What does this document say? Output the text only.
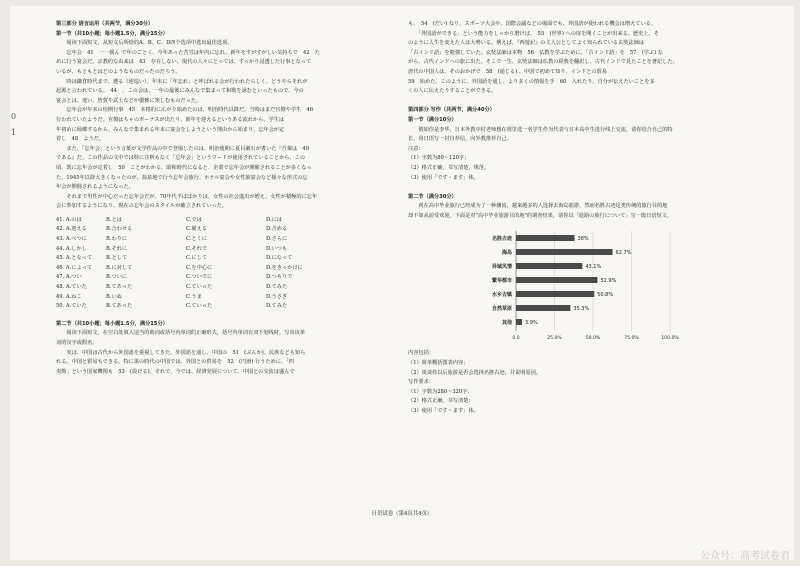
0
1
第三部分 语言运用（共两节，满分30分）
第一节（共10小题；每小题1.5分，满分15分）
　　阅读下面短文，从短文后所给的A、B、C、D四个选项中选出最佳选项。
　　忘年会　41　一一親ん で年のごとく、今年あった苦労は年内に忘れ、新年をすがすがしい気持ちで　42　た
めに行う宴会だ。宗教的な由来は　43　存在しない。現代の人々にとっては、すっかり浸透した行事となって
いるが、もともとはどのようなものだったのだろう。
　　時は鎌倉時代まで、遡る（逆巡い）。年末に「年忘れ」と呼ばれる会が行われたらしく、どうやらそれが
起源と言われている。　44　、この会は、一年の最後にみんなで集まって和歌を詠むといったもので、今の
宴会とは、違い、皆賀や武士などが優雅に楽しむものだった。
　　忘年会が年末の恒例行事　45　本格的に広がり始めたのは、明治時代以降だ。当時はまだ官僚や学生　46
行われていたようだ。官僚はちゃのボーナスが出たり、新年を迎えるというある流れから、学生は
年初めに帰郷するから、みんなで集まれる年末に宴会をしようという理由から始まり、忘年会が定
着し　48　ようだ。
　　また、「忘年会」という言葉が文学作品の中で登場したのは、明治後期に夏目漱石が書いた『吾輩は　49
である』だ。この作品の文中では特に注釈もなく「忘年会」というワードが使用されていることから、この
頃、既に忘年会が定着し　50　ことがわかる。昭和時代になると、企業で忘年会が開催されることが多くなっ
た。1945年以降大きくなったのが、温泉地で行う忘年会旅行、ホテル宴会や女性旅宴会など様々な形式の忘
年会が開催されるようになった。
　　それまで男性が中心だった忘年会だが、70年代半ばばかりは、女性の社会進出が増え、女性が積極的に忘年
会に参加するようになり、現在の忘年会のスタイルが確立されていった。
41. A.のは	B.とは	C.では	D.には
42. A.迎える	B.合わせる	C.備える	D.含める
43. A.べつに	B.わりに	C.とくに	D.さらに
44. A.しかし	B.それに	C.それで	D.いつも
45. A.となって	B.として	C.にして	D.になって
46. A.によって	B.に対して	C.を中心に	D.をきっかけに
47. A.つい	B.ついに	C.ついでに	D.つもりで
48. A.ていた	B.てあった	C.ていった	D.てみた
49. A.ねこ	B.いぬ	C.うま	D.うさぎ
50. A.ていた	B.てあった	C.ていった	D.てみた
第二节（共10小题；每小题1.5分，满分15分）
　　阅读下面短文，在空白处填入适当的助词或括号内单词的正确形式，括号内单词有双下划线时，写出该单
词的汉字或假名。
　　実は、中国は古代から外国語を重視してきた。外国語を通し、中国の　51　(ぶんか)、民族なども知ら
れる。中国と貿易もできる。特に果の時代の中国では、外国との貿易を　52　(円滑) 行うために、「四
夷館」という国家機関も　53　(設ける)。それで、今では、経済発展について、中国との交流は盛んで
も、　54　(だい) なり、スポーツ大会や、国際会議などの場面でも、外国語が使われる機会は増えている。
　　「外国語ができる」という能力をしっかり磨けば、　55　(世界) への扉を開くことが出来る。歴史上、そ
のように人生を変えた人は大勢いる。例えば、『西遊記』の主人公としてよく知られている玄奘法師は
「古インド語」を勉強していた。玄奘法師は本物　56　仏教を学ぶために、「古インド語」を　57　(学ぶ) な
がら、古代インドへの旅に出た。そこで一生、玄奘法師は仏教の経典を翻訳し、古代インドで見たことを著記した。
唐代の中国人は、そのおかげで　58　(通じる) 、中国で初めて知り、インドとの貿易
59　始めた。このように、外国語を通し、より多くの情報を手　60　入れたり、自分が伝えたいことを多
くの人に伝えたりすることができる。
第四部分 写作（共两节，满分40分）
第一节（满分10分）
　　假如你是李华，日本外教中村老师想在班里选一名学生作为代表与日本高中生进行线上交流，请你结合自己的特
长，用日语写一封自荐信，向外教推荐自己。
注意：
（1）字数为80～120字；
（2）格式正确，书写清楚，规范；
（3）使用「です・ます」体。
第二节（满分30分）
　　现在高中毕业旅行已经成为了一种潮流，越来越多的人选择去海岛旅游，然而名胜古迹这类传统的旅行目的地
却不如从前受欢迎。下面是对"高中毕业旅游目的地"的调查结果，请你以「進路の旅行について」写一篇日语短文。
名胜古迹	38%
海岛	62.7%
异域风情	43.1%
繁华都市	52.9%
水乡古镇	50.8%
自然草原	35.3%
其他	3.9%
0.0	25.0%	50.0%	75.0%	100.0%
内容包括：
（1）简单概括图表内容；
（2）谈谈你以后旅游是否会选择名胜古迹，并说明原因。
写作要求：
（1）字数为280～320字；
（2）格式正确，书写清楚；
（3）使用「です・ます」体。
日语试卷（第4页共4页）
公众号：高考试卷君
